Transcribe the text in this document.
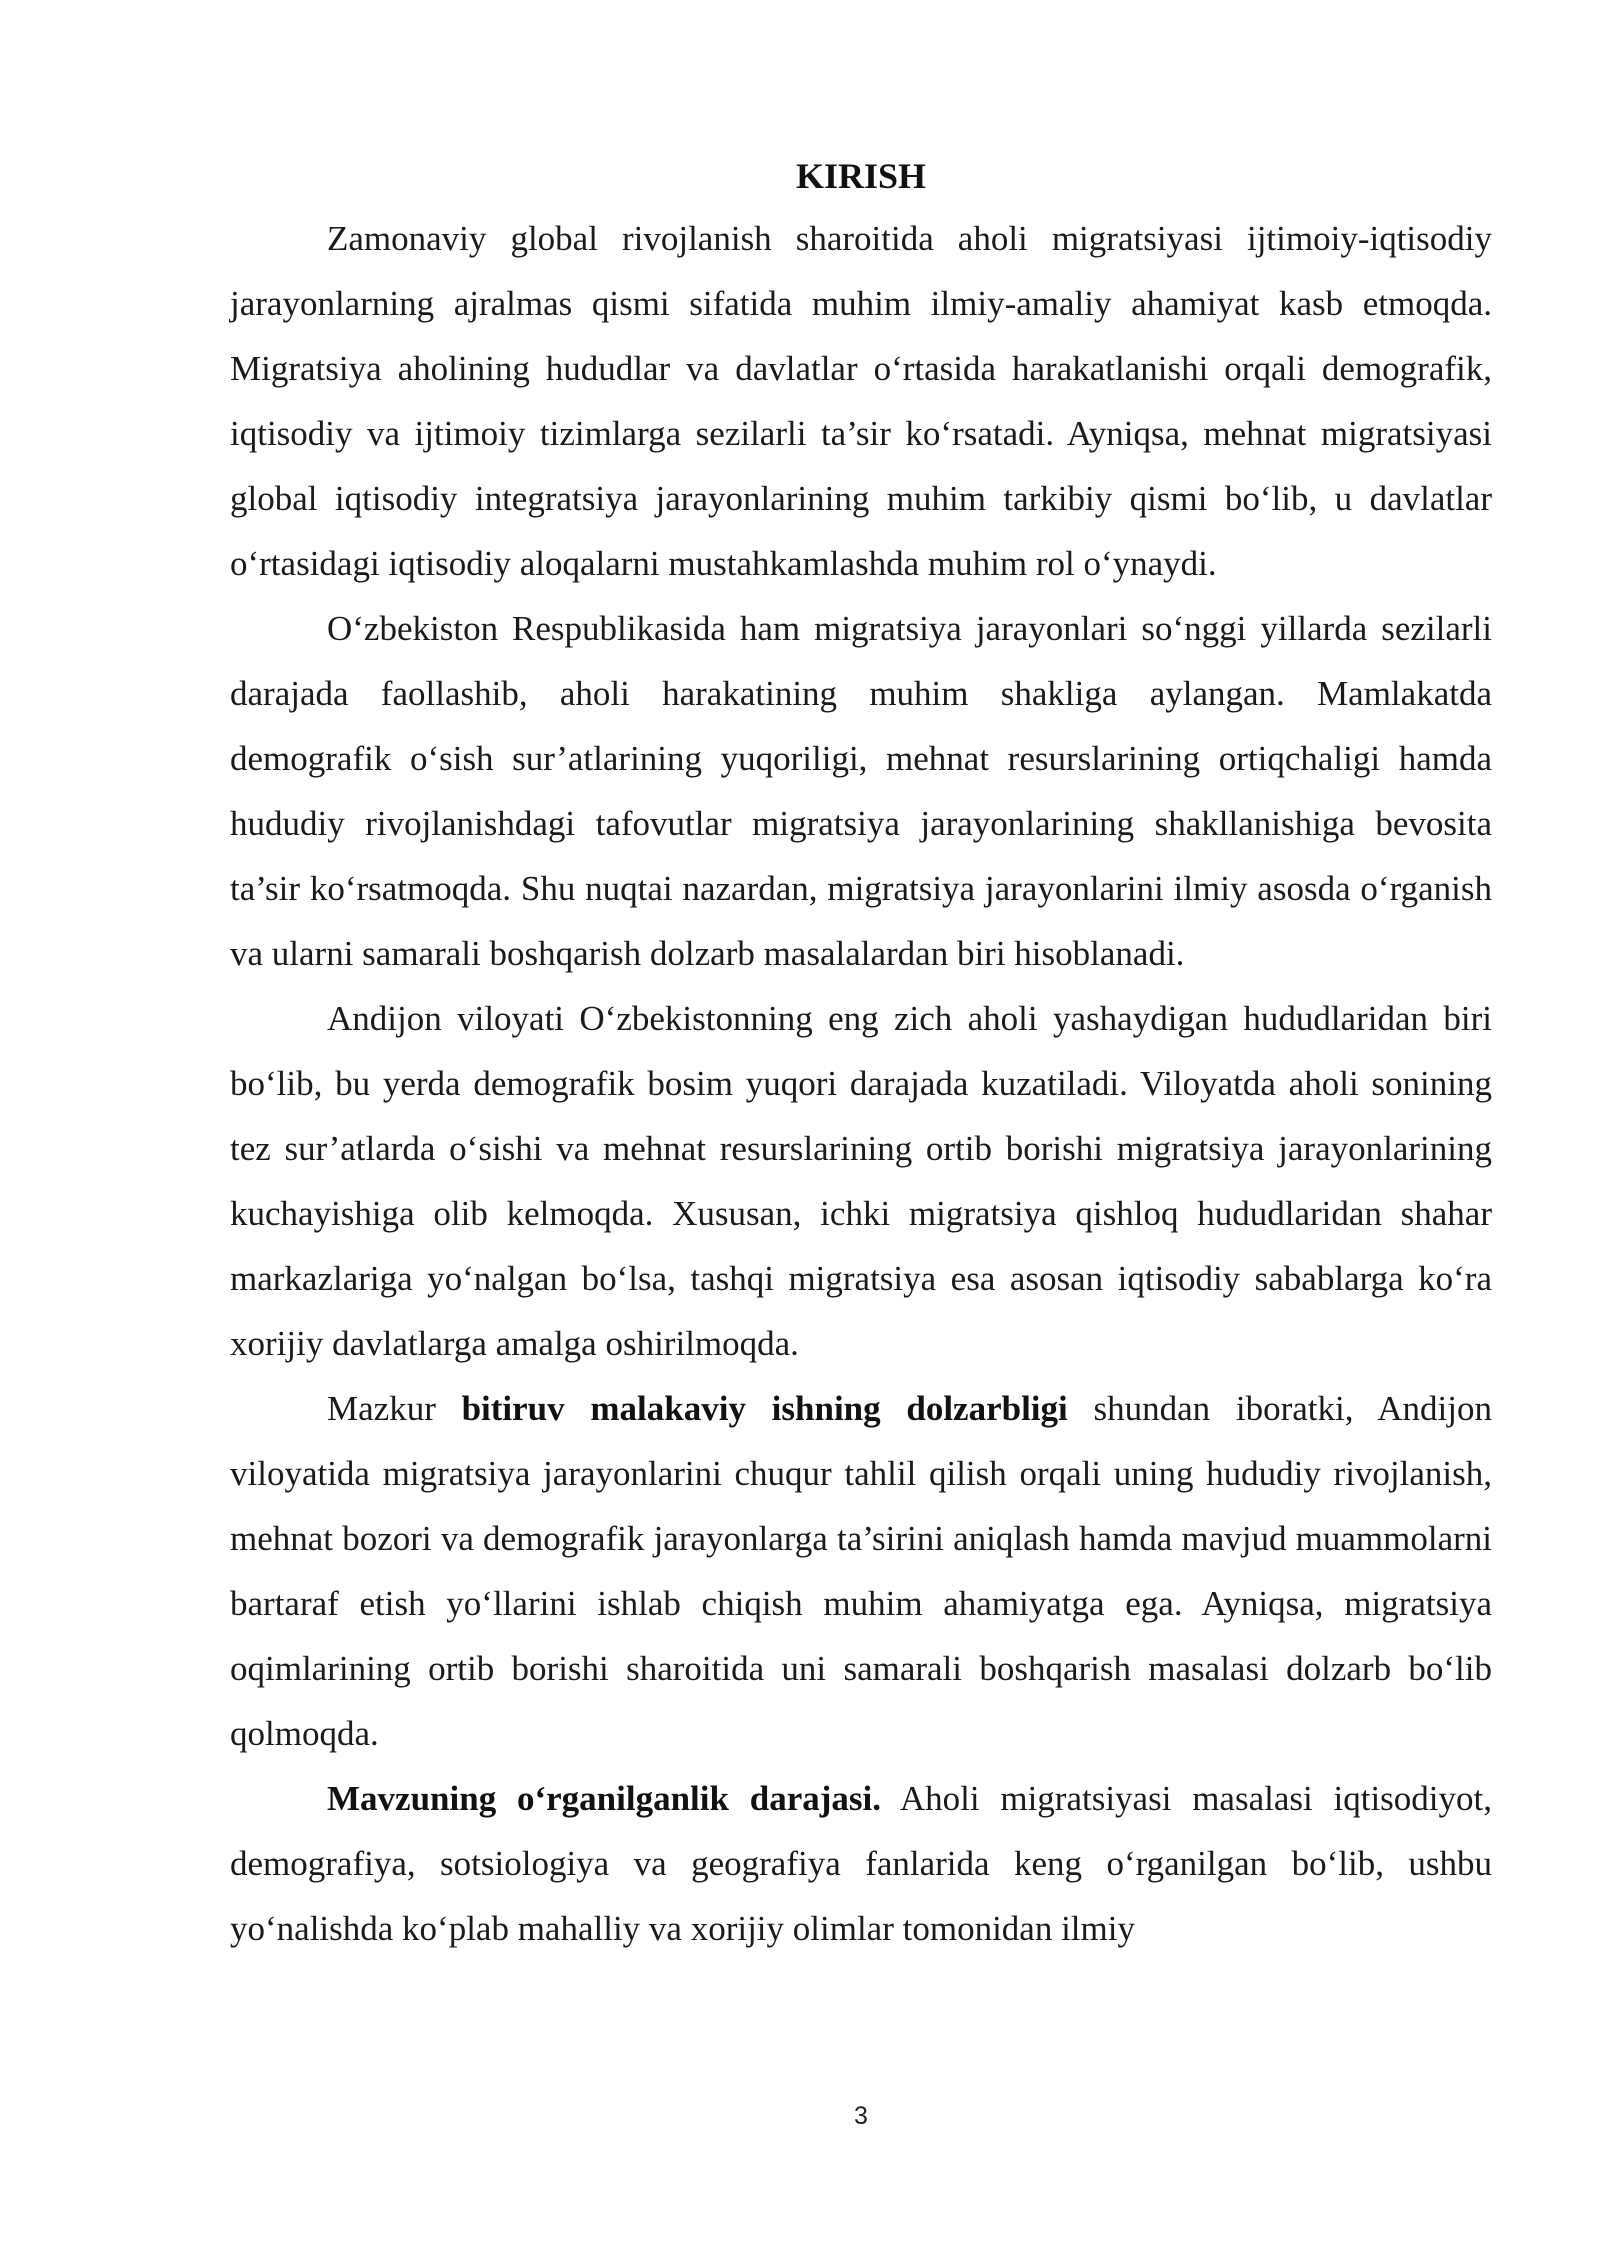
KIRISH

Zamonaviy global rivojlanish sharoitida aholi migratsiyasi ijtimoiy-iqtisodiy jarayonlarning ajralmas qismi sifatida muhim ilmiy-amaliy ahamiyat kasb etmoqda. Migratsiya aholining hududlar va davlatlar o‘rtasida harakatlanishi orqali demografik, iqtisodiy va ijtimoiy tizimlarga sezilarli ta’sir ko‘rsatadi. Ayniqsa, mehnat migratsiyasi global iqtisodiy integratsiya jarayonlarining muhim tarkibiy qismi bo‘lib, u davlatlar o‘rtasidagi iqtisodiy aloqalarni mustahkamlashda muhim rol o‘ynaydi.

O‘zbekiston Respublikasida ham migratsiya jarayonlari so‘nggi yillarda sezilarli darajada faollashib, aholi harakatining muhim shakliga aylangan. Mamlakatda demografik o‘sish sur’atlarining yuqoriligi, mehnat resurslarining ortiqchaligi hamda hududiy rivojlanishdagi tafovutlar migratsiya jarayonlarining shakllanishiga bevosita ta’sir ko‘rsatmoqda. Shu nuqtai nazardan, migratsiya jarayonlarini ilmiy asosda o‘rganish va ularni samarali boshqarish dolzarb masalalardan biri hisoblanadi.

Andijon viloyati O‘zbekistonning eng zich aholi yashaydigan hududlaridan biri bo‘lib, bu yerda demografik bosim yuqori darajada kuzatiladi. Viloyatda aholi sonining tez sur’atlarda o‘sishi va mehnat resurslarining ortib borishi migratsiya jarayonlarining kuchayishiga olib kelmoqda. Xususan, ichki migratsiya qishloq hududlaridan shahar markazlariga yo‘nalgan bo‘lsa, tashqi migratsiya esa asosan iqtisodiy sabablarga ko‘ra xorijiy davlatlarga amalga oshirilmoqda.

Mazkur bitiruv malakaviy ishning dolzarbligi shundan iboratki, Andijon viloyatida migratsiya jarayonlarini chuqur tahlil qilish orqali uning hududiy rivojlanish, mehnat bozori va demografik jarayonlarga ta’sirini aniqlash hamda mavjud muammolarni bartaraf etish yo‘llarini ishlab chiqish muhim ahamiyatga ega. Ayniqsa, migratsiya oqimlarining ortib borishi sharoitida uni samarali boshqarish masalasi dolzarb bo‘lib qolmoqda.

Mavzuning o‘rganilganlik darajasi. Aholi migratsiyasi masalasi iqtisodiyot, demografiya, sotsiologiya va geografiya fanlarida keng o‘rganilgan bo‘lib, ushbu yo‘nalishda ko‘plab mahalliy va xorijiy olimlar tomonidan ilmiy

3
